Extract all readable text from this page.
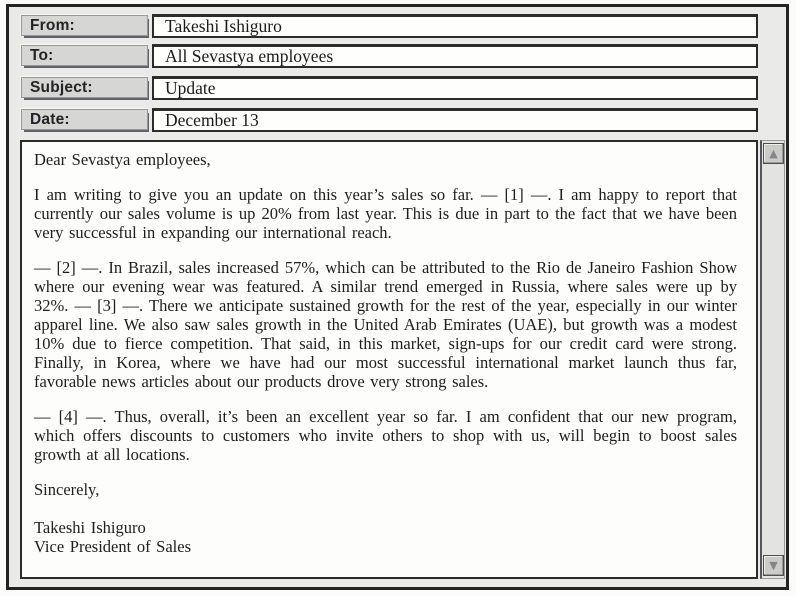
From:	Takeshi Ishiguro
To:	All Sevastya employees
Subject:	Update
Date:	December 13

Dear Sevastya employees,

I am writing to give you an update on this year’s sales so far. — [1] —. I am happy to report that currently our sales volume is up 20% from last year. This is due in part to the fact that we have been very successful in expanding our international reach.

— [2] —. In Brazil, sales increased 57%, which can be attributed to the Rio de Janeiro Fashion Show where our evening wear was featured. A similar trend emerged in Russia, where sales were up by 32%. — [3] —. There we anticipate sustained growth for the rest of the year, especially in our winter apparel line. We also saw sales growth in the United Arab Emirates (UAE), but growth was a modest 10% due to fierce competition. That said, in this market, sign-ups for our credit card were strong. Finally, in Korea, where we have had our most successful international market launch thus far, favorable news articles about our products drove very strong sales.

— [4] —. Thus, overall, it’s been an excellent year so far. I am confident that our new program, which offers discounts to customers who invite others to shop with us, will begin to boost sales growth at all locations.

Sincerely,

Takeshi Ishiguro

Vice President of Sales

▲
▼
